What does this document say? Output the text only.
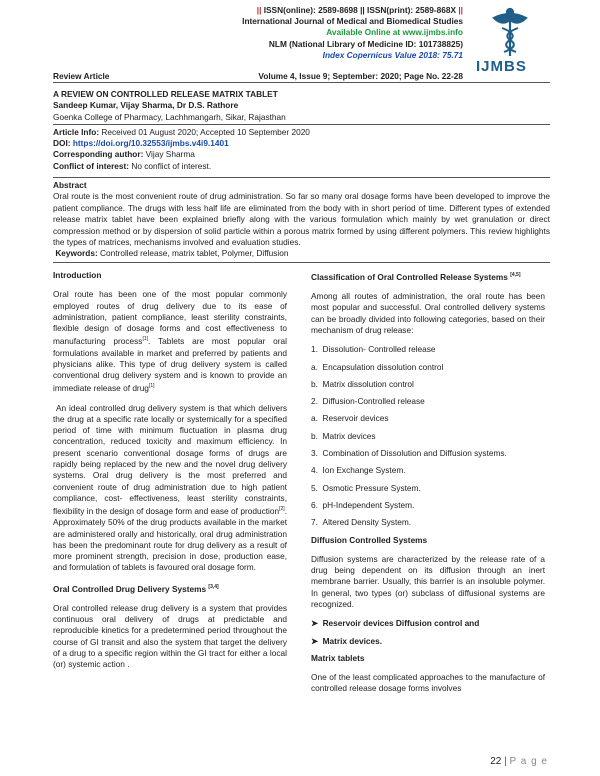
|| ISSN(online): 2589-8698 || ISSN(print): 2589-868X ||
International Journal of Medical and Biomedical Studies
Available Online at www.ijmbs.info
NLM (National Library of Medicine ID: 101738825)
Index Copernicus Value 2018: 75.71
IJMBS
Review Article	Volume 4, Issue 9; September: 2020; Page No. 22-28
A REVIEW ON CONTROLLED RELEASE MATRIX TABLET
Sandeep Kumar, Vijay Sharma, Dr D.S. Rathore
Goenka College of Pharmacy, Lachhmangarh, Sikar, Rajasthan
Article Info: Received 01 August 2020; Accepted 10 September 2020
DOI: https://doi.org/10.32553/ijmbs.v4i9.1401
Corresponding author: Vijay Sharma
Conflict of interest: No conflict of interest.
Abstract
Oral route is the most convenient route of drug administration. So far so many oral dosage forms have been developed to improve the patient compliance. The drugs with less half life are eliminated from the body with in short period of time. Different types of extended release matrix tablet have been explained briefly along with the various formulation which mainly by wet granulation or direct compression method or by dispersion of solid particle within a porous matrix formed by using different polymers. This review highlights the types of matrices, mechanisms involved and evaluation studies.
Keywords: Controlled release, matrix tablet, Polymer, Diffusion
Introduction

Oral route has been one of the most popular commonly employed routes of drug delivery due to its ease of administration, patient compliance, least sterility constraints, flexible design of dosage forms and cost effectiveness to manufacturing process[1]. Tablets are most popular oral formulations available in market and preferred by patients and physicians alike. This type of drug delivery system is called conventional drug delivery system and is known to provide an immediate release of drug[1]

An ideal controlled drug delivery system is that which delivers the drug at a specific rate locally or systemically for a specified period of time with minimum fluctuation in plasma drug concentration, reduced toxicity and maximum efficiency. In present scenario conventional dosage forms of drugs are rapidly being replaced by the new and the novel drug delivery systems. Oral drug delivery is the most preferred and convenient route of drug administration due to high patient compliance, cost- effectiveness, least sterility constraints, flexibility in the design of dosage form and ease of production[2]. Approximately 50% of the drug products available in the market are administered orally and historically, oral drug administration has been the predominant route for drug delivery as a result of more prominent strength, precision in dose, production ease, and formulation of tablets is favoured oral dosage form.

Oral Controlled Drug Delivery Systems [3,4]

Oral controlled release drug delivery is a system that provides continuous oral delivery of drugs at predictable and reproducible kinetics for a predetermined period throughout the course of GI transit and also the system that target the delivery of a drug to a specific region within the GI tract for either a local (or) systemic action .

Classification of Oral Controlled Release Systems [4,5]

Among all routes of administration, the oral route has been most popular and successful. Oral controlled delivery systems can be broadly divided into following categories, based on their mechanism of drug release:

1. Dissolution- Controlled release
a. Encapsulation dissolution control
b. Matrix dissolution control
2. Diffusion-Controlled release
a. Reservoir devices
b. Matrix devices
3. Combination of Dissolution and Diffusion systems.
4. Ion Exchange System.
5. Osmotic Pressure System.
6. pH-Independent System.
7. Altered Density System.
Diffusion Controlled Systems

Diffusion systems are characterized by the release rate of a drug being dependent on its diffusion through an inert membrane barrier. Usually, this barrier is an insoluble polymer. In general, two types (or) subclass of diffusional systems are recognized.

➤  Reservoir devices Diffusion control and
➤  Matrix devices.
Matrix tablets

One of the least complicated approaches to the manufacture of controlled release dosage forms involves

22 | P a g e
